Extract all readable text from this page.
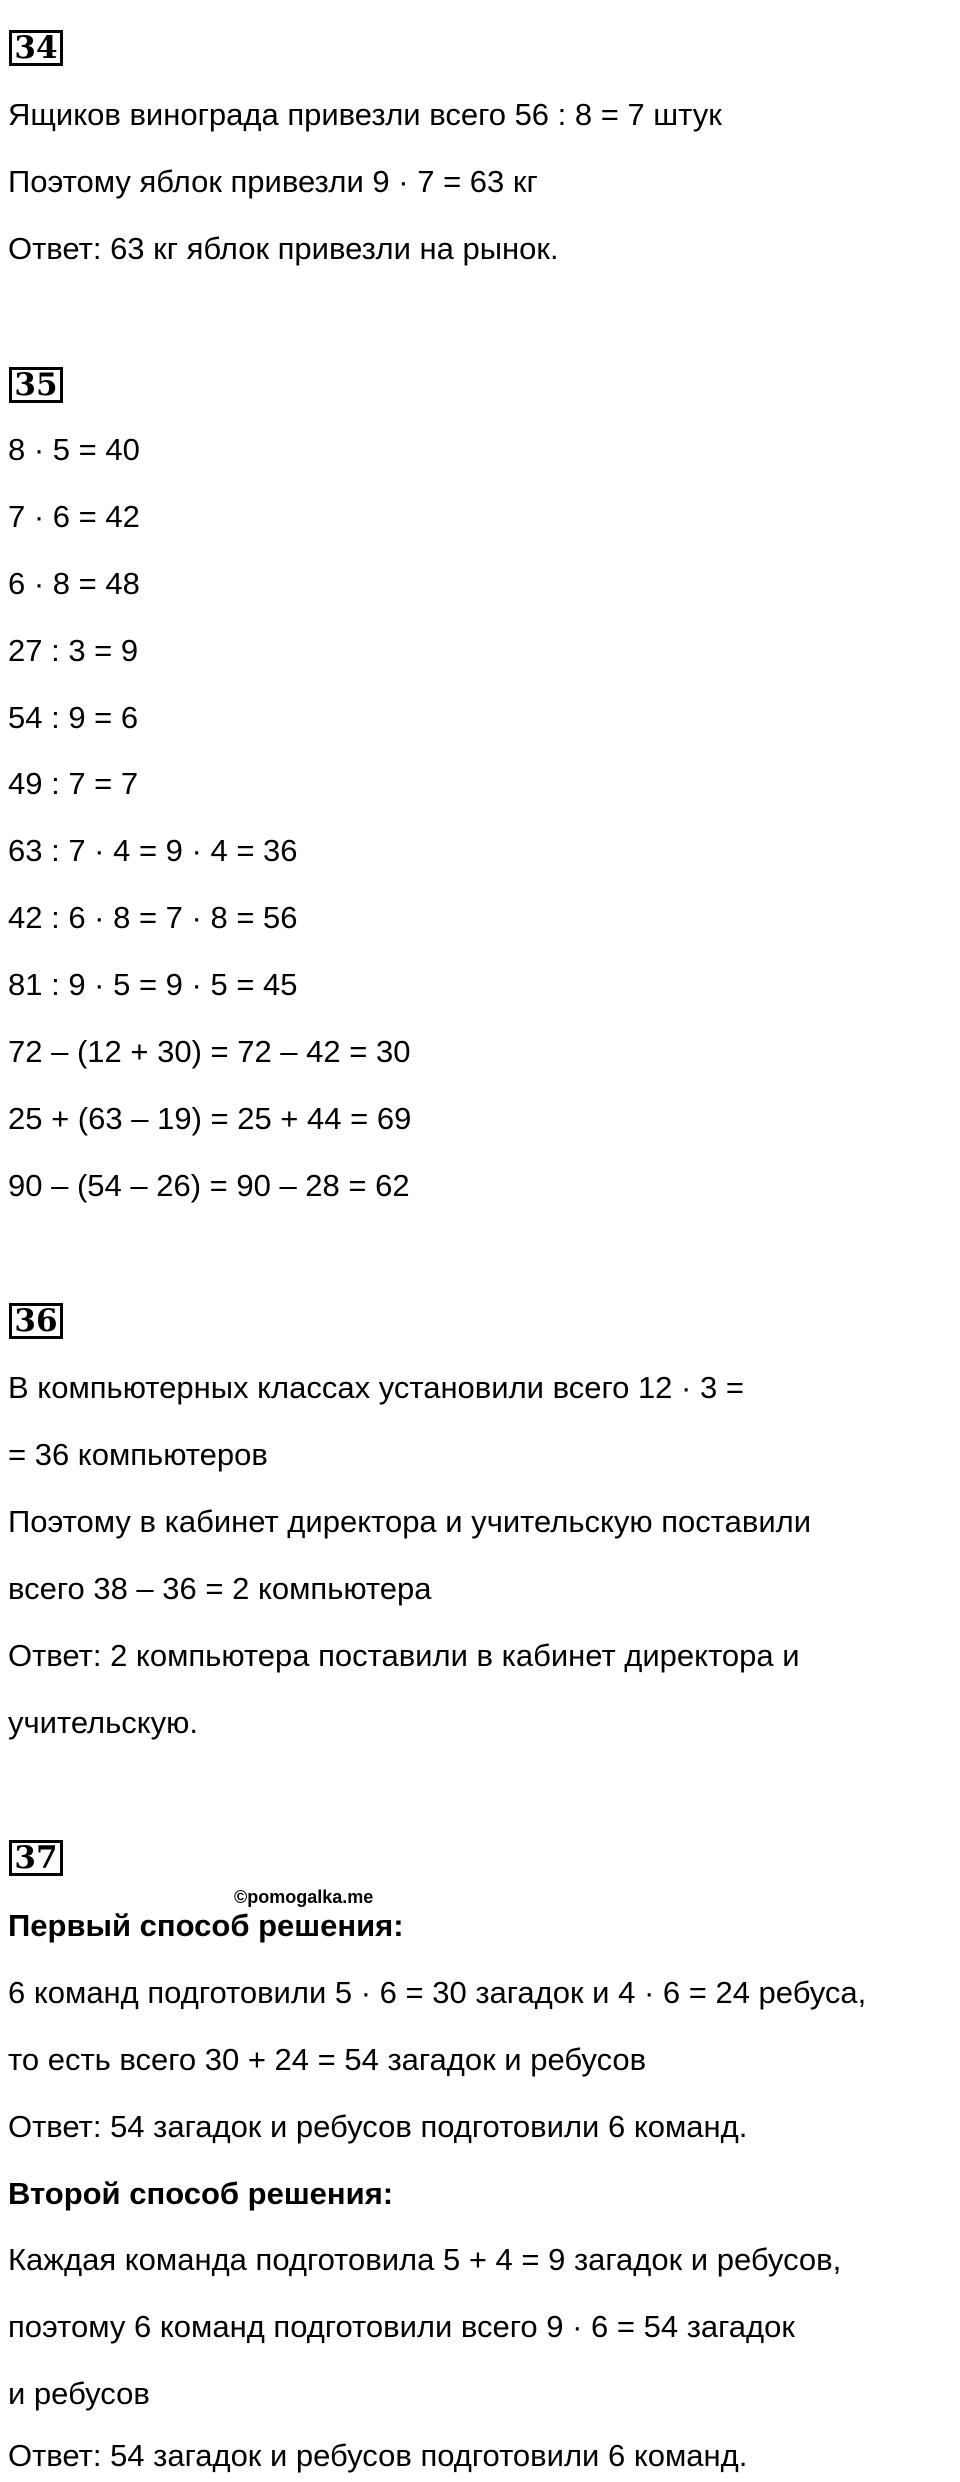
34
Ящиков винограда привезли всего 56 : 8 = 7 штук
Поэтому яблок привезли 9 · 7 = 63 кг
Ответ: 63 кг яблок привезли на рынок.
35
8 · 5 = 40
7 · 6 = 42
6 · 8 = 48
27 : 3 = 9
54 : 9 = 6
49 : 7 = 7
63 : 7 · 4 = 9 · 4 = 36
42 : 6 · 8 = 7 · 8 = 56
81 : 9 · 5 = 9 · 5 = 45
72 – (12 + 30) = 72 – 42 = 30
25 + (63 – 19) = 25 + 44 = 69
90 – (54 – 26) = 90 – 28 = 62
36
В компьютерных классах установили всего 12 · 3 =
= 36 компьютеров
Поэтому в кабинет директора и учительскую поставили
всего 38 – 36 = 2 компьютера
Ответ: 2 компьютера поставили в кабинет директора и
учительскую.
37
©pomogalka.me
Первый способ решения:
6 команд подготовили 5 · 6 = 30 загадок и 4 · 6 = 24 ребуса,
то есть всего 30 + 24 = 54 загадок и ребусов
Ответ: 54 загадок и ребусов подготовили 6 команд.
Второй способ решения:
Каждая команда подготовила 5 + 4 = 9 загадок и ребусов,
поэтому 6 команд подготовили всего 9 · 6 = 54 загадок
и ребусов
Ответ: 54 загадок и ребусов подготовили 6 команд.
